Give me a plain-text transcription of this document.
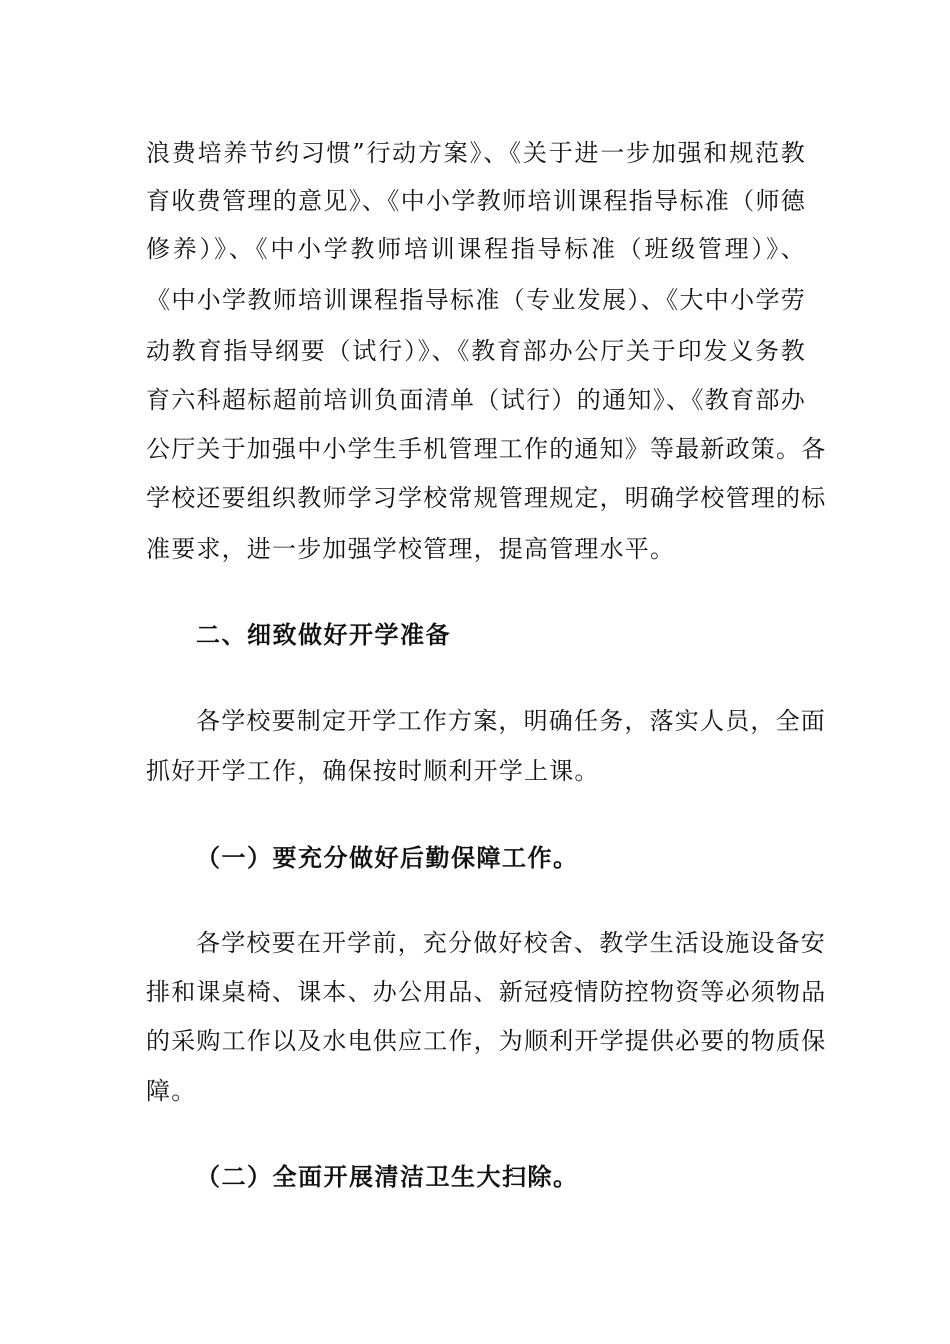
浪费培养节约习惯”行动方案》、《关于进一步加强和规范教
育收费管理的意见》、《中小学教师培训课程指导标准（师德
修养）》、《中小学教师培训课程指导标准（班级管理）》、
《中小学教师培训课程指导标准（专业发展）、《大中小学劳
动教育指导纲要（试行）》、《教育部办公厅关于印发义务教
育六科超标超前培训负面清单（试行）的通知》、《教育部办
公厅关于加强中小学生手机管理工作的通知》等最新政策。各
学校还要组织教师学习学校常规管理规定，明确学校管理的标
准要求，进一步加强学校管理，提高管理水平。
二、细致做好开学准备
各学校要制定开学工作方案，明确任务，落实人员，全面
抓好开学工作，确保按时顺利开学上课。
（一）要充分做好后勤保障工作。
各学校要在开学前，充分做好校舍、教学生活设施设备安
排和课桌椅、课本、办公用品、新冠疫情防控物资等必须物品
的采购工作以及水电供应工作，为顺利开学提供必要的物质保
障。
（二）全面开展清洁卫生大扫除。
